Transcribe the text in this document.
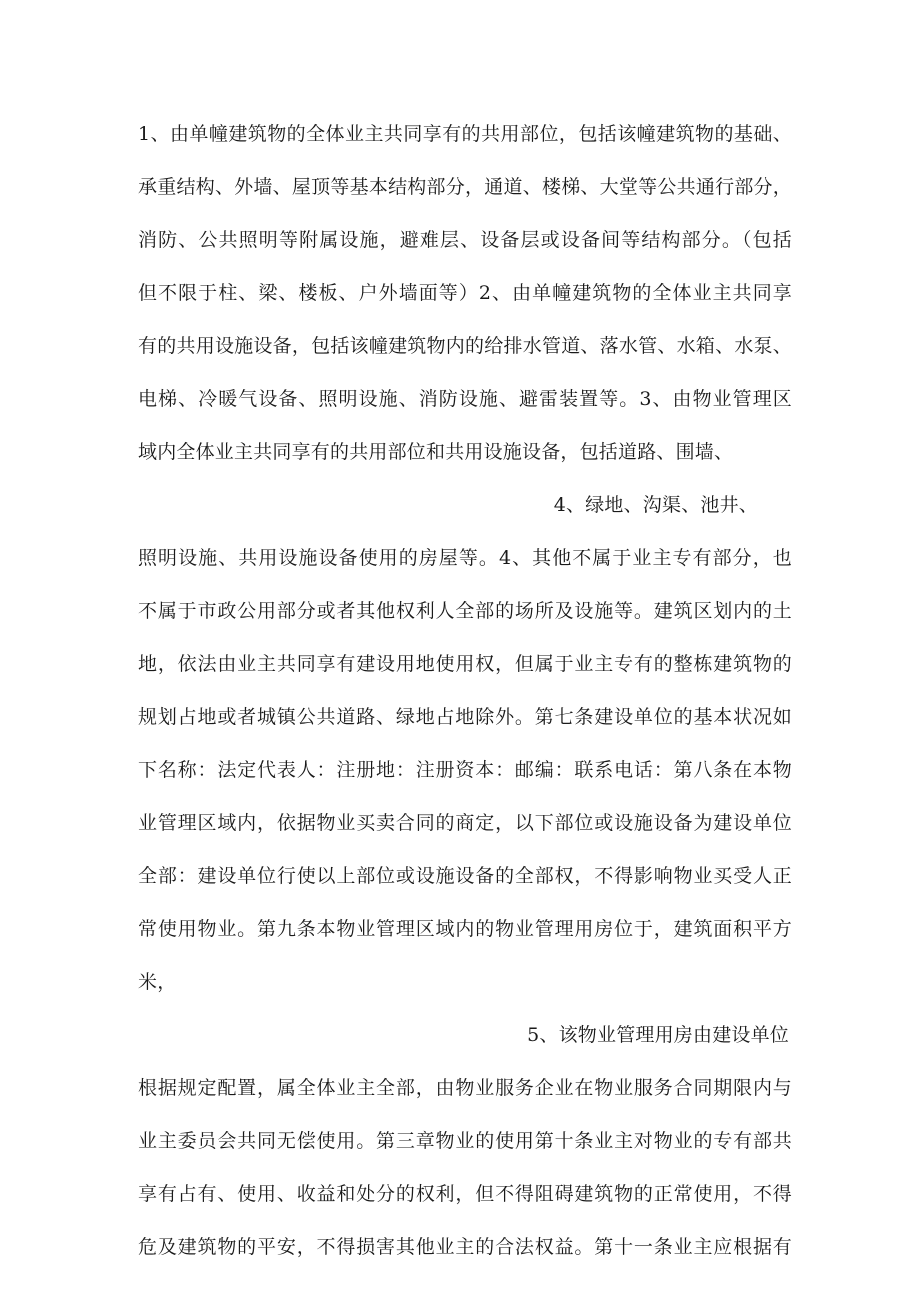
1、由单幢建筑物的全体业主共同享有的共用部位，包括该幢建筑物的基础、
承重结构、外墙、屋顶等基本结构部分，通道、楼梯、大堂等公共通行部分，
消防、公共照明等附属设施，避难层、设备层或设备间等结构部分。（包括
但不限于柱、梁、楼板、户外墙面等）2、由单幢建筑物的全体业主共同享
有的共用设施设备，包括该幢建筑物内的给排水管道、落水管、水箱、水泵、
电梯、冷暖气设备、照明设施、消防设施、避雷装置等。3、由物业管理区
域内全体业主共同享有的共用部位和共用设施设备，包括道路、围墙、
4、绿地、沟渠、池井、
照明设施、共用设施设备使用的房屋等。4、其他不属于业主专有部分，也
不属于市政公用部分或者其他权利人全部的场所及设施等。建筑区划内的土
地，依法由业主共同享有建设用地使用权，但属于业主专有的整栋建筑物的
规划占地或者城镇公共道路、绿地占地除外。第七条建设单位的基本状况如
下名称：法定代表人：注册地：注册资本：邮编：联系电话：第八条在本物
业管理区域内，依据物业买卖合同的商定，以下部位或设施设备为建设单位
全部：建设单位行使以上部位或设施设备的全部权，不得影响物业买受人正
常使用物业。第九条本物业管理区域内的物业管理用房位于，建筑面积平方
米，
5、该物业管理用房由建设单位
根据规定配置，属全体业主全部，由物业服务企业在物业服务合同期限内与
业主委员会共同无偿使用。第三章物业的使用第十条业主对物业的专有部共
享有占有、使用、收益和处分的权利，但不得阻碍建筑物的正常使用，不得
危及建筑物的平安，不得损害其他业主的合法权益。第十一条业主应根据有
